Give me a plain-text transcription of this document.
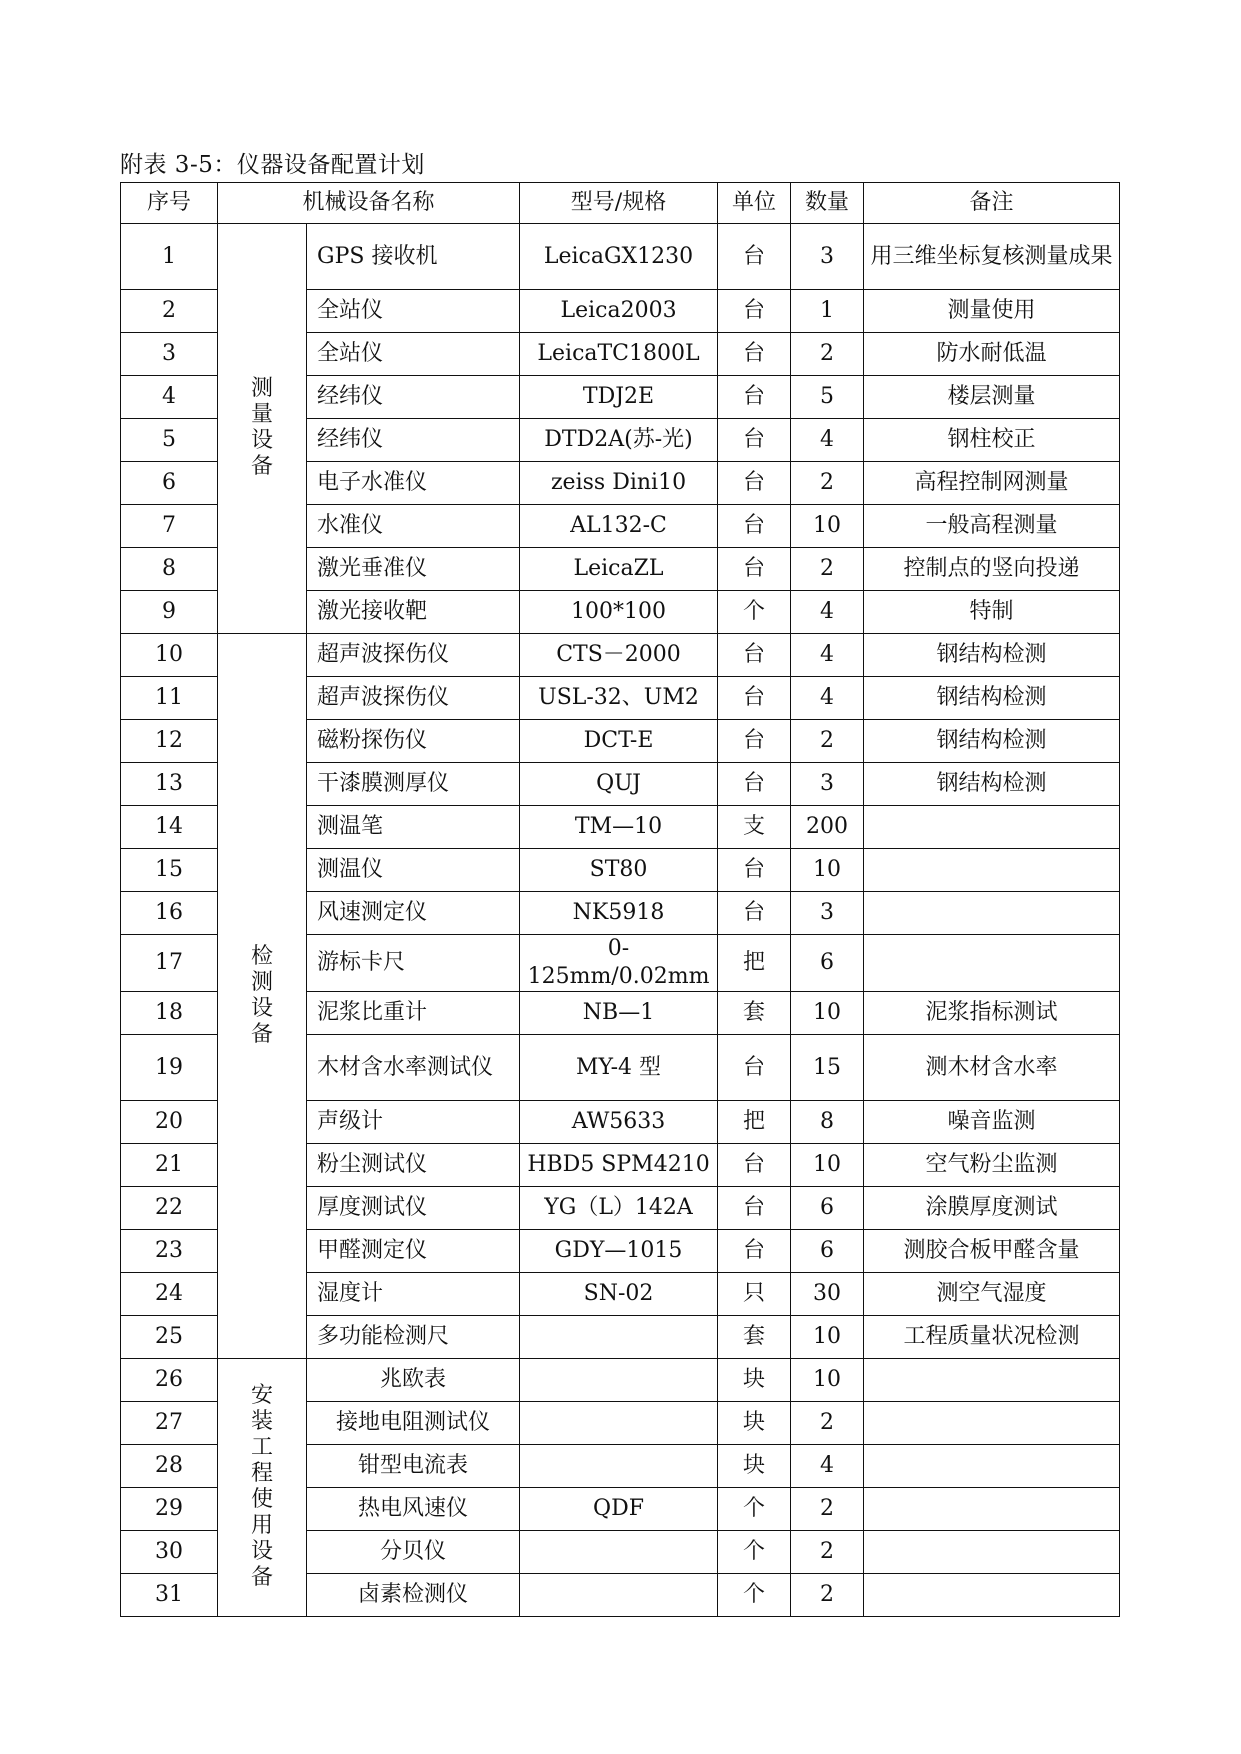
附表 3-5：仪器设备配置计划
序号	机械设备名称		型号/规格	单位	数量	备注
1	测量设备	GPS 接收机	LeicaGX1230	台	3	用三维坐标复核测量成果
2		全站仪	Leica2003	台	1	测量使用
3		全站仪	LeicaTC1800L	台	2	防水耐低温
4		经纬仪	TDJ2E	台	5	楼层测量
5		经纬仪	DTD2A(苏-光)	台	4	钢柱校正
6		电子水准仪	zeiss Dini10	台	2	高程控制网测量
7		水准仪	AL132-C	台	10	一般高程测量
8		激光垂准仪	LeicaZL	台	2	控制点的竖向投递
9		激光接收靶	100*100	个	4	特制
10	检测设备	超声波探伤仪	CTS－2000	台	4	钢结构检测
11		超声波探伤仪	USL-32、UM2	台	4	钢结构检测
12		磁粉探伤仪	DCT-E	台	2	钢结构检测
13		干漆膜测厚仪	QUJ	台	3	钢结构检测
14		测温笔	TM—10	支	200	
15		测温仪	ST80	台	10	
16		风速测定仪	NK5918	台	3	
17		游标卡尺	0-125mm/0.02mm	把	6	
18		泥浆比重计	NB—1	套	10	泥浆指标测试
19		木材含水率测试仪	MY-4 型	台	15	测木材含水率
20		声级计	AW5633	把	8	噪音监测
21		粉尘测试仪	HBD5 SPM4210	台	10	空气粉尘监测
22		厚度测试仪	YG（L）142A	台	6	涂膜厚度测试
23		甲醛测定仪	GDY—1015	台	6	测胶合板甲醛含量
24		湿度计	SN-02	只	30	测空气湿度
25		多功能检测尺		套	10	工程质量状况检测
26	安装工程使用设备	兆欧表		块	10	
27		接地电阻测试仪		块	2	
28		钳型电流表		块	4	
29		热电风速仪	QDF	个	2	
30		分贝仪		个	2	
31		卤素检测仪		个	2	
